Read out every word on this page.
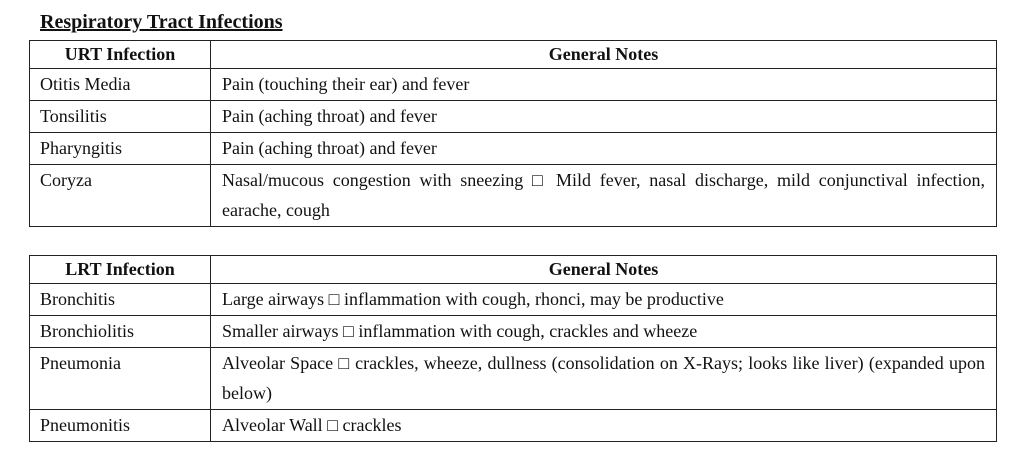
Respiratory Tract Infections
URT Infection	General Notes
Otitis Media	Pain (touching their ear) and fever
Tonsilitis	Pain (aching throat) and fever
Pharyngitis	Pain (aching throat) and fever
Coryza	Nasal/mucous congestion with sneezing □ Mild fever, nasal discharge, mild conjunctival infection, earache, cough
LRT Infection	General Notes
Bronchitis	Large airways □ inflammation with cough, rhonci, may be productive
Bronchiolitis	Smaller airways □ inflammation with cough, crackles and wheeze
Pneumonia	Alveolar Space □ crackles, wheeze, dullness (consolidation on X-Rays; looks like liver) (expanded upon below)
Pneumonitis	Alveolar Wall □ crackles
